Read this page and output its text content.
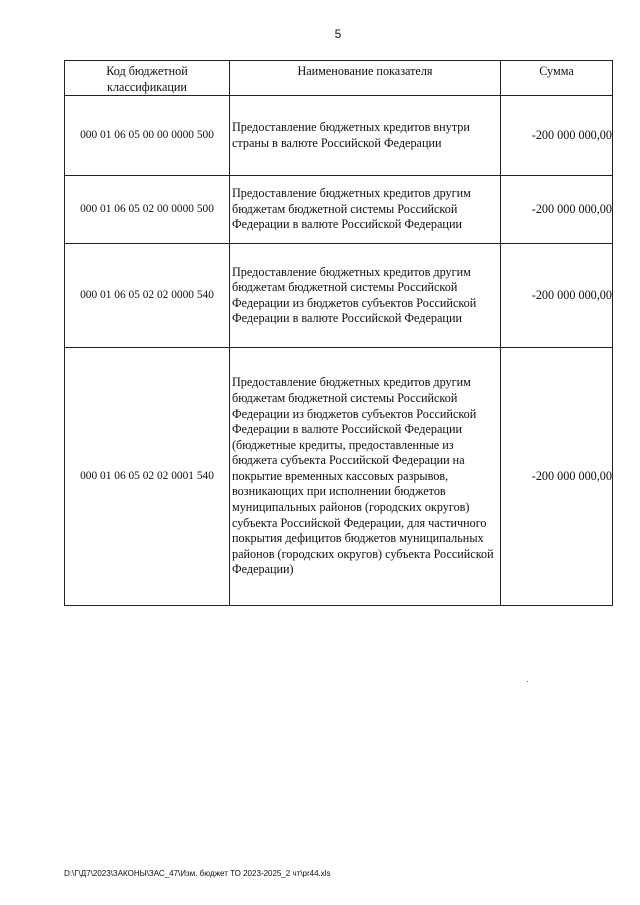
5
Код бюджетной классификации	Наименование показателя	Сумма
000 01 06 05 00 00 0000 500	Предоставление бюджетных кредитов внутри страны в валюте Российской Федерации	-200 000 000,00
000 01 06 05 02 00 0000 500	Предоставление бюджетных кредитов другим бюджетам бюджетной системы Российской Федерации в валюте Российской Федерации	-200 000 000,00
000 01 06 05 02 02 0000 540	Предоставление бюджетных кредитов другим бюджетам бюджетной системы Российской Федерации из бюджетов субъектов Российской Федерации в валюте Российской Федерации	-200 000 000,00
000 01 06 05 02 02 0001 540	Предоставление бюджетных кредитов другим бюджетам бюджетной системы Российской Федерации из бюджетов субъектов Российской Федерации в валюте Российской Федерации (бюджетные кредиты, предоставленные из бюджета субъекта Российской Федерации на покрытие временных кассовых разрывов, возникающих при исполнении бюджетов муниципальных районов (городских округов) субъекта Российской Федерации, для частичного покрытия дефицитов бюджетов муниципальных районов (городских округов) субъекта Российской Федерации)	-200 000 000,00
D:\Г\Д7\2023\ЗАКОНЫ\ЗАС_47\Изм. бюджет ТО 2023-2025_2 чт\pr44.xls
